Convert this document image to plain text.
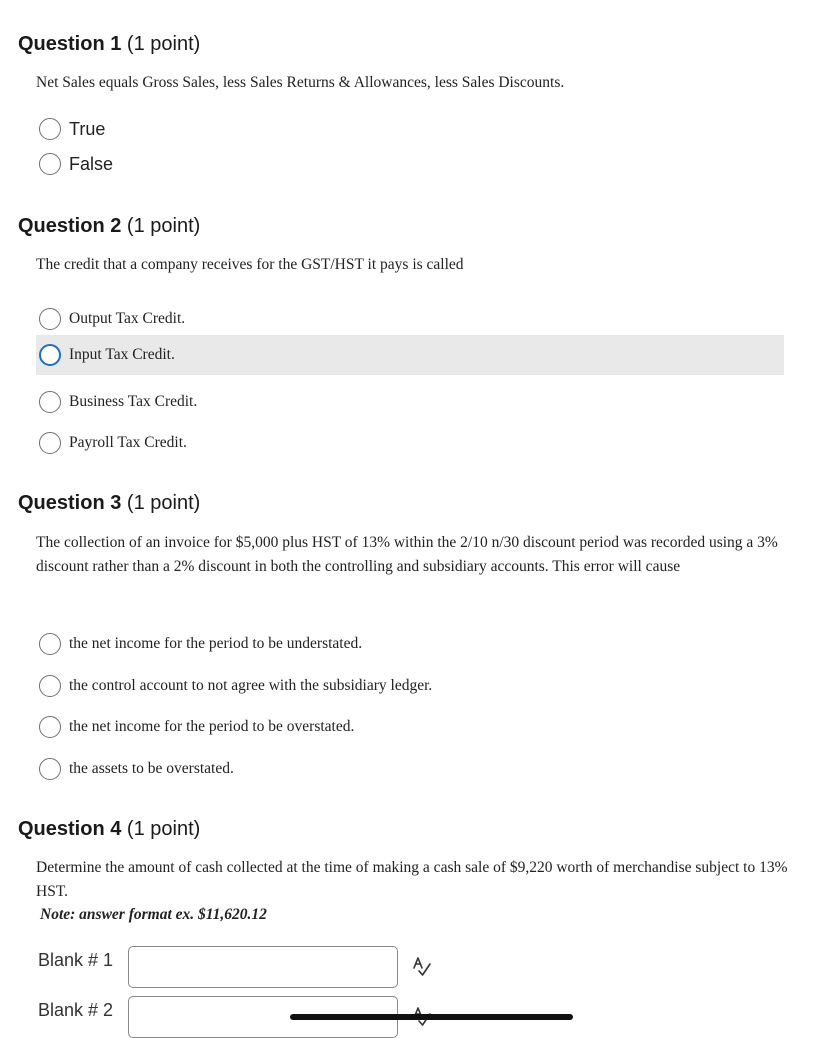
Question 1 (1 point)
Net Sales equals Gross Sales, less Sales Returns & Allowances, less Sales Discounts.
True
False
Question 2 (1 point)
The credit that a company receives for the GST/HST it pays is called
Output Tax Credit.
Input Tax Credit.
Business Tax Credit.
Payroll Tax Credit.
Question 3 (1 point)
The collection of an invoice for $5,000 plus HST of 13% within the 2/10 n/30 discount period was recorded using a 3% discount rather than a 2% discount in both the controlling and subsidiary accounts. This error will cause
the net income for the period to be understated.
the control account to not agree with the subsidiary ledger.
the net income for the period to be overstated.
the assets to be overstated.
Question 4 (1 point)
Determine the amount of cash collected at the time of making a cash sale of $9,220 worth of merchandise subject to 13% HST.
Note: answer format ex. $11,620.12
Blank # 1
Blank # 2
